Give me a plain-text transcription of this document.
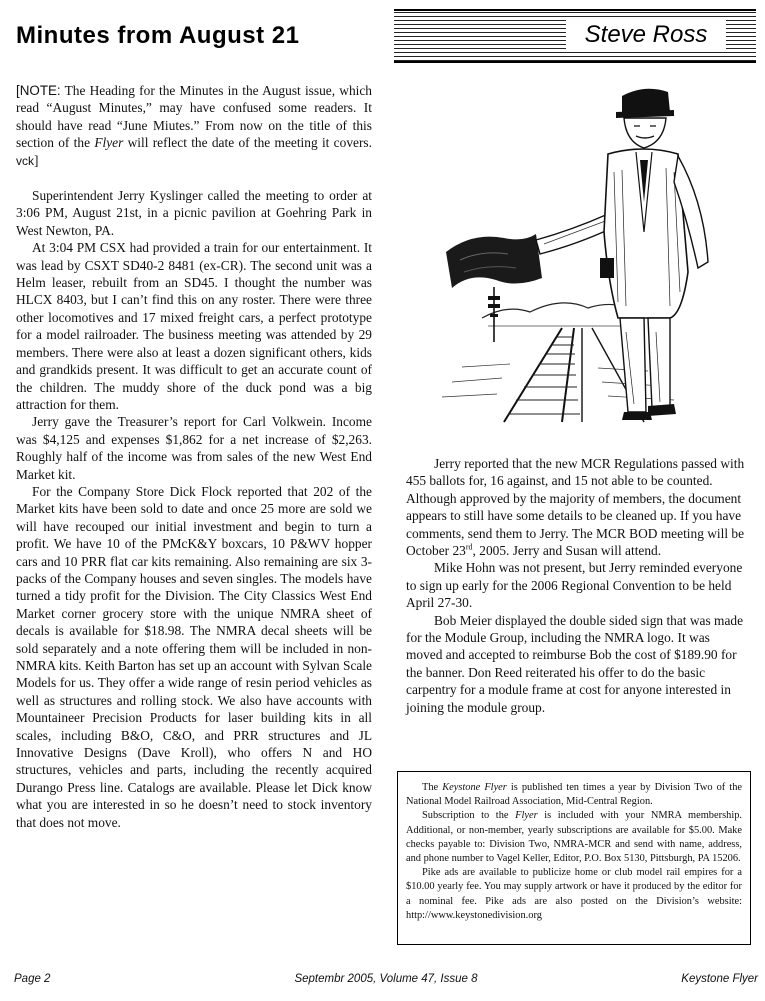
Minutes from August 21	Steve Ross

[NOTE: The Heading for the Minutes in the August issue, which read “August Minutes,” may have confused some readers. It should have read “June Miutes.” From now on the title of this section of the Flyer will reflect the date of the meeting it covers. vck]

Superintendent Jerry Kyslinger called the meeting to order at 3:06 PM, August 21st, in a picnic pavilion at Goehring Park in West Newton, PA.

At 3:04 PM CSX had provided a train for our entertainment. It was lead by CSXT SD40-2 8481 (ex-CR). The second unit was a Helm leaser, rebuilt from an SD45. I thought the number was HLCX 8403, but I can’t find this on any roster. There were three other locomotives and 17 mixed freight cars, a perfect prototype for a model railroader. The business meeting was attended by 29 members. There were also at least a dozen significant others, kids and grandkids present. It was difficult to get an accurate count of the children. The muddy shore of the duck pond was a big attraction for them.

Jerry gave the Treasurer’s report for Carl Volkwein. Income was $4,125 and expenses $1,862 for a net increase of $2,263. Roughly half of the income was from sales of the new West End Market kit.

For the Company Store Dick Flock reported that 202 of the Market kits have been sold to date and once 25 more are sold we will have recouped our initial investment and begin to turn a profit. We have 10 of the PMcK&Y boxcars, 10 P&WV hopper cars and 10 PRR flat car kits remaining. Also remaining are six 3-packs of the Company houses and seven singles. The models have turned a tidy profit for the Division. The City Classics West End Market corner grocery store with the unique NMRA sheet of decals is available for $18.98. The NMRA decal sheets will be sold separately and a note offering them will be included in non-NMRA kits. Keith Barton has set up an account with Sylvan Scale Models for us. They offer a wide range of resin period vehicles as well as structures and rolling stock. We also have accounts with Mountaineer Precision Products for laser building kits in all scales, including B&O, C&O, and PRR structures and JL Innovative Designs (Dave Kroll), who offers N and HO structures, vehicles and parts, including the recently acquired Durango Press line. Catalogs are available. Please let Dick know what you are interested in so he doesn’t need to stock inventory that does not move.

Jerry reported that the new MCR Regulations passed with 455 ballots for, 16 against, and 15 not able to be counted. Although approved by the majority of members, the document appears to still have some details to be cleaned up. If you have comments, send them to Jerry. The MCR BOD meeting will be October 23rd, 2005. Jerry and Susan will attend.

Mike Hohn was not present, but Jerry reminded everyone to sign up early for the 2006 Regional Convention to be held April 27-30.

Bob Meier displayed the double sided sign that was made for the Module Group, including the NMRA logo. It was moved and accepted to reimburse Bob the cost of $189.90 for the banner. Don Reed reiterated his offer to do the basic carpentry for a module frame at cost for anyone interested in joining the module group.

The Keystone Flyer is published ten times a year by Division Two of the National Model Railroad Association, Mid-Central Region.

Subscription to the Flyer is included with your NMRA membership. Additional, or non-member, yearly subscriptions are available for $5.00. Make checks payable to: Division Two, NMRA-MCR and send with name, address, and phone number to Vagel Keller, Editor, P.O. Box 5130, Pittsburgh, PA 15206.

Pike ads are available to publicize home or club model rail empires for a $10.00 yearly fee. You may supply artwork or have it produced by the editor for a nominal fee. Pike ads are also posted on the Division’s website: http://www.keystonedivision.org

Page 2	Septembr 2005, Volume 47, Issue 8	Keystone Flyer
